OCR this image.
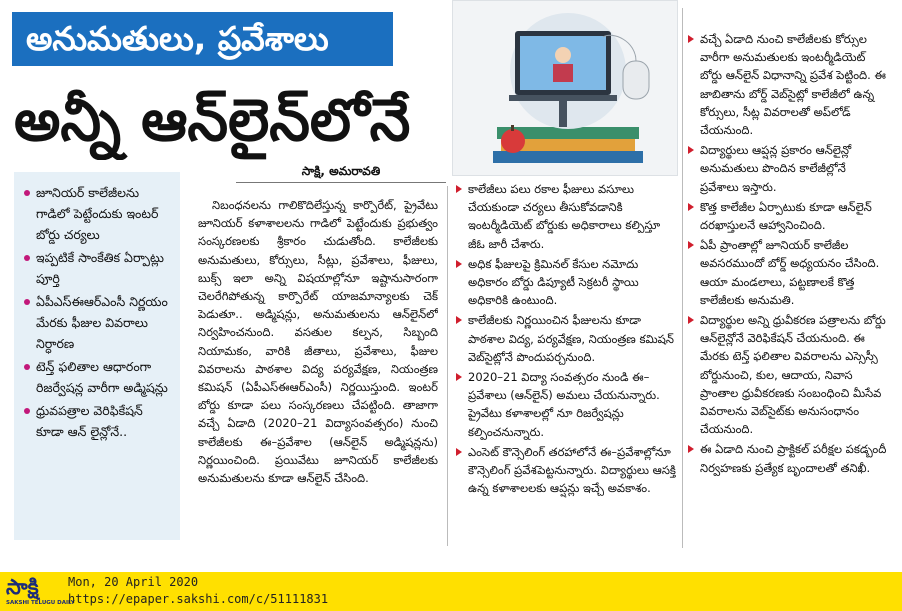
అనుమతులు, ప్రవేశాలు
అన్నీ ఆన్‌లైన్‌లోనే
సాక్షి, అమరావతి
జూనియర్ కాలేజీలను గాడిలో పెట్టేందుకు ఇంటర్ బోర్డు చర్యలు
ఇప్పటికే సాంకేతిక ఏర్పాట్లు పూర్తి
ఏపీఎస్ఈఆర్ఎంసీ నిర్ణయం మేరకు ఫీజుల వివరాలు నిర్ధారణ
టెన్త్ ఫలితాల ఆధారంగా రిజర్వేషన్ల వారీగా అడ్మిషన్లు
ధ్రువపత్రాల వెరిఫికేషన్ కూడా ఆన్ లైన్లోనే..

నిబంధనలను గాలికొదిలేస్తున్న కార్పొరేట్, ప్రైవేటు జూనియర్ కళాశాలలను గాడిలో పెట్టేందుకు ప్రభుత్వం సంస్కరణలకు శ్రీకారం చుడుతోంది. కాలేజీలకు అనుమతులు, కోర్సులు, సీట్లు, ప్రవేశాలు, ఫీజులు, బుక్స్ ఇలా అన్ని విషయాల్లోనూ ఇష్టానుసారంగా చెలరేగిపోతున్న కార్పొరేట్ యాజమాన్యాలకు చెక్ పెడుతూ.. అడ్మిషన్లు, అనుమతులను ఆన్‌లైన్‌లో నిర్వహించనుంది. వసతుల కల్పన, సిబ్బంది నియామకం, వారికి జీతాలు, ప్రవేశాలు, ఫీజుల వివరాలను పాఠశాల విద్య పర్యవేక్షణ, నియంత్రణ కమిషన్ (ఏపీఎస్ఈఆర్ఎంసీ) నిర్ణయిస్తుంది. ఇంటర్ బోర్డు కూడా పలు సంస్కరణలు చేపట్టింది. తాజాగా వచ్చే ఏడాది (2020–21 విద్యాసంవత్సరం) నుంచి కాలేజీలకు ఈ–ప్రవేశాల (ఆన్‌లైన్ అడ్మిషన్లను) నిర్ణయించింది. ప్రయివేటు జూనియర్ కాలేజీలకు అనుమతులను కూడా ఆన్‌లైన్ చేసింది.

కాలేజీలు పలు రకాల ఫీజులు వసూలు చేయకుండా చర్యలు తీసుకోవడానికి ఇంటర్మీడియెట్ బోర్డుకు అధికారాలు కల్పిస్తూ జీఓ జారీ చేశారు.
అధిక ఫీజులపై క్రిమినల్ కేసుల నమోదు అధికారం బోర్డు డిప్యూటీ సెక్రటరీ స్థాయి అధికారికి ఉంటుంది.
కాలేజీలకు నిర్ణయించిన ఫీజులను కూడా పాఠశాల విద్య, పర్యవేక్షణ, నియంత్రణ కమిషన్ వెబ్‌సైట్లోనే పొందుపర్చనుంది.
2020–21 విద్యా సంవత్సరం నుండి ఈ–ప్రవేశాలు (ఆన్‌లైన్) అమలు చేయనున్నారు. ప్రైవేటు కళాశాలల్లో నూ రిజర్వేషన్లు కల్పించనున్నారు.
ఎంసెట్ కౌన్సెలింగ్ తరహాలోనే ఈ–ప్రవేశాల్లోనూ కౌన్సెలింగ్ ప్రవేశపెట్టనున్నారు. విద్యార్థులు ఆసక్తి ఉన్న కళాశాలలకు ఆప్షన్లు ఇచ్చే అవకాశం.
వచ్చే ఏడాది నుంచి కాలేజీలకు కోర్సుల వారీగా అనుమతులకు ఇంటర్మీడియెట్ బోర్డు ఆన్‌లైన్ విధానాన్ని ప్రవేశ పెట్టింది. ఈ జాబితాను బోర్డ్ వెబ్‌సైట్లో కాలేజీలో ఉన్న కోర్సులు, సీట్ల వివరాలతో అప్‌లోడ్ చేయనుంది.
విద్యార్థులు ఆప్షన్ల ప్రకారం ఆన్‌లైన్లో అనుమతులు పొందిన కాలేజీల్లోనే ప్రవేశాలు ఇస్తారు.
కొత్త కాలేజీల ఏర్పాటుకు కూడా ఆన్‌లైన్ దరఖాస్తులనే ఆహ్వానించింది.
ఏపీ ప్రాంతాల్లో జూనియర్ కాలేజీల అవసరముందో బోర్డ్ అధ్యయనం చేసింది. ఆయా మండలాలు, పట్టణాలకే కొత్త కాలేజీలకు అనుమతి.
విద్యార్థుల అన్ని ధ్రువీకరణ పత్రాలను బోర్డు ఆన్‌లైన్లోనే వెరిఫికేషన్ చేయనుంది. ఈ మేరకు టెన్త్ ఫలితాల వివరాలను ఎస్సెస్సీ బోర్డునుంచి, కుల, ఆదాయ, నివాస ప్రాంతాల ధ్రువీకరణకు సంబంధించి మీసేవ వివరాలను వెబ్‌సైట్‌కు అనుసంధానం చేయనుంది.
ఈ ఏడాది నుంచి ప్రాక్టికల్ పరీక్షల పకడ్బందీ నిర్వహణకు ప్రత్యేక బృందాలతో తనిఖీ.
సాక్షి
SAKSHI TELUGU DAILY
Mon, 20 April 2020
https://epaper.sakshi.com/c/51111831
